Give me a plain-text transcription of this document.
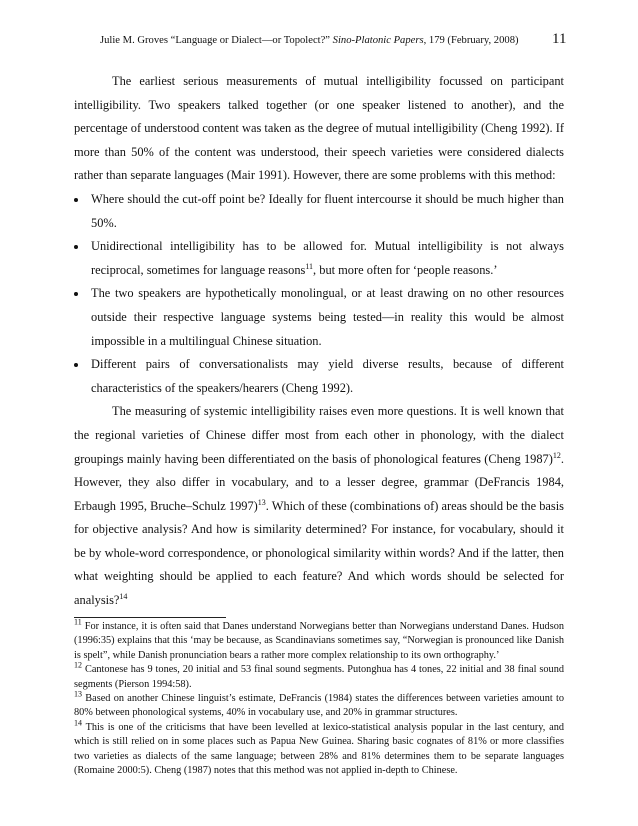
Julie M. Groves “Language or Dialect—or Topolect?” Sino-Platonic Papers, 179 (February, 2008)	11

The earliest serious measurements of mutual intelligibility focussed on participant intelligibility. Two speakers talked together (or one speaker listened to another), and the percentage of understood content was taken as the degree of mutual intelligibility (Cheng 1992). If more than 50% of the content was understood, their speech varieties were considered dialects rather than separate languages (Mair 1991). However, there are some problems with this method:

Where should the cut-off point be? Ideally for fluent intercourse it should be much higher than 50%.

Unidirectional intelligibility has to be allowed for. Mutual intelligibility is not always reciprocal, sometimes for language reasons$^{11}$, but more often for ‘people reasons.’

The two speakers are hypothetically monolingual, or at least drawing on no other resources outside their respective language systems being tested—in reality this would be almost impossible in a multilingual Chinese situation.

Different pairs of conversationalists may yield diverse results, because of different characteristics of the speakers/hearers (Cheng 1992).

The measuring of systemic intelligibility raises even more questions. It is well known that the regional varieties of Chinese differ most from each other in phonology, with the dialect groupings mainly having been differentiated on the basis of phonological features (Cheng 1987)$^{12}$. However, they also differ in vocabulary, and to a lesser degree, grammar (DeFrancis 1984, Erbaugh 1995, Bruche–Schulz 1997)$^{13}$. Which of these (combinations of) areas should be the basis for objective analysis? And how is similarity determined? For instance, for vocabulary, should it be by whole-word correspondence, or phonological similarity within words? And if the latter, then what weighting should be applied to each feature? And which words should be selected for analysis?$^{14}$

$^{11}$ For instance, it is often said that Danes understand Norwegians better than Norwegians understand Danes. Hudson (1996:35) explains that this ‘may be because, as Scandinavians sometimes say, “Norwegian is pronounced like Danish is spelt”, while Danish pronunciation bears a rather more complex relationship to its own orthography.’

$^{12}$ Cantonese has 9 tones, 20 initial and 53 final sound segments. Putonghua has 4 tones, 22 initial and 38 final sound segments (Pierson 1994:58).

$^{13}$ Based on another Chinese linguist’s estimate, DeFrancis (1984) states the differences between varieties amount to 80% between phonological systems, 40% in vocabulary use, and 20% in grammar structures.

$^{14}$ This is one of the criticisms that have been levelled at lexico-statistical analysis popular in the last century, and which is still relied on in some places such as Papua New Guinea. Sharing basic cognates of 81% or more classifies two varieties as dialects of the same language; between 28% and 81% determines them to be separate languages (Romaine 2000:5). Cheng (1987) notes that this method was not applied in-depth to Chinese.
